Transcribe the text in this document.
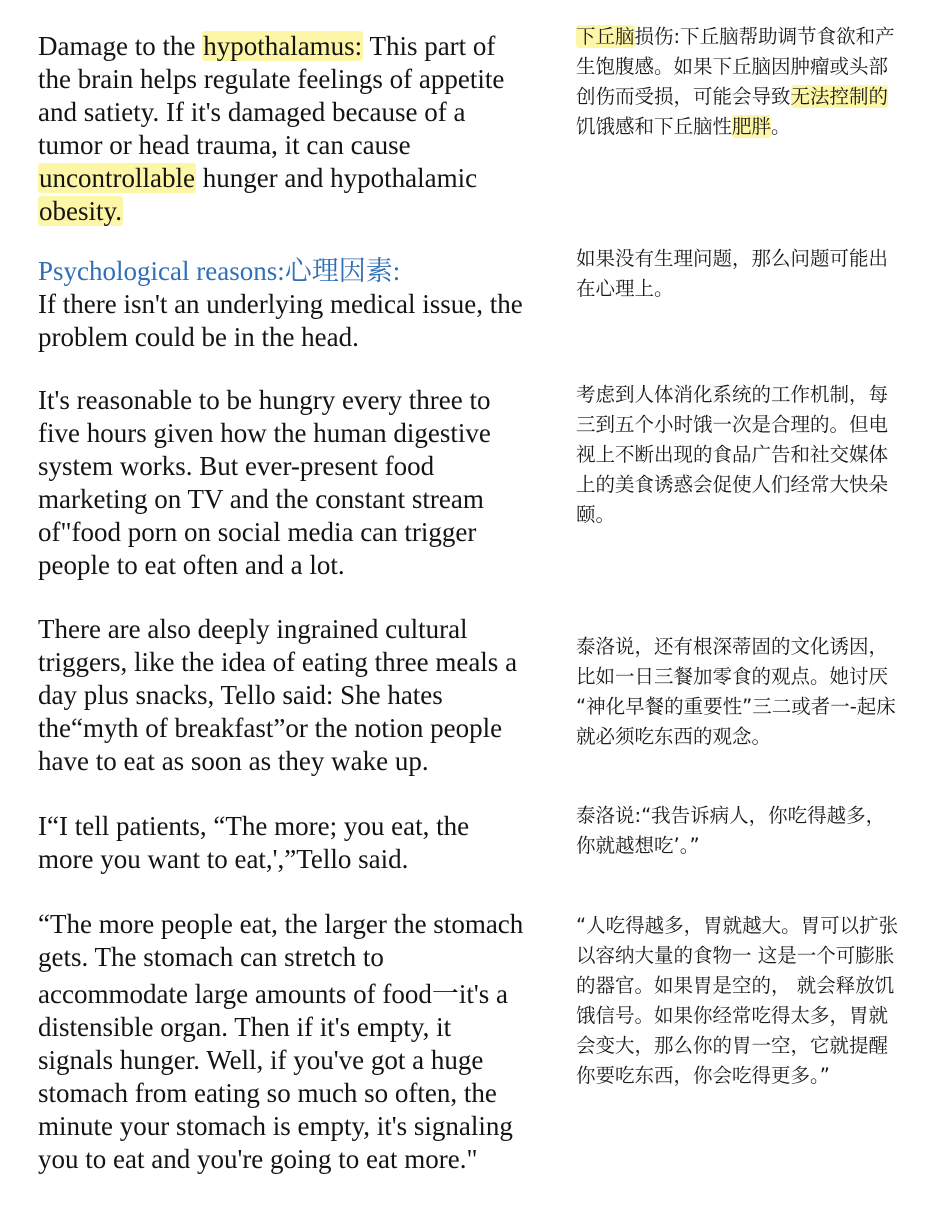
Damage to the hypothalamus: This part of
the brain helps regulate feelings of appetite
and satiety. If it's damaged because of a
tumor or head trauma, it can cause
uncontrollable hunger and hypothalamic
obesity.
下丘脑损伤:下丘脑帮助调节食欲和产
生饱腹感。如果下丘脑因肿瘤或头部
创伤而受损，可能会导致无法控制的
饥饿感和下丘脑性肥胖。
Psychological reasons:心理因素:
If there isn't an underlying medical issue, the
problem could be in the head.
如果没有生理问题，那么问题可能出
在心理上。
It's reasonable to be hungry every three to
five hours given how the human digestive
system works. But ever-present food
marketing on TV and the constant stream
of"food porn on social media can trigger
people to eat often and a lot.
考虑到人体消化系统的工作机制，每
三到五个小时饿一次是合理的。但电
视上不断出现的食品广告和社交媒体
上的美食诱惑会促使人们经常大快朵
颐。
There are also deeply ingrained cultural
triggers, like the idea of eating three meals a
day plus snacks, Tello said: She hates
the“myth of breakfast”or the notion people
have to eat as soon as they wake up.
泰洛说，还有根深蒂固的文化诱因，
比如一日三餐加零食的观点。她讨厌
“神化早餐的重要性”三二或者一-起床
就必须吃东西的观念。
I“I tell patients, “The more; you eat, the
more you want to eat,',”Tello said.
泰洛说:“我告诉病人，你吃得越多，
你就越想吃’。”
“The more people eat, the larger the stomach
gets. The stomach can stretch to
accommodate large amounts of food一it's a
distensible organ. Then if it's empty, it
signals hunger. Well, if you've got a huge
stomach from eating so much so often, the
minute your stomach is empty, it's signaling
you to eat and you're going to eat more."
“人吃得越多，胃就越大。胃可以扩张
以容纳大量的食物一 这是一个可膨胀
的器官。如果胃是空的， 就会释放饥
饿信号。如果你经常吃得太多，胃就
会变大，那么你的胃一空，它就提醒
你要吃东西，你会吃得更多。”
